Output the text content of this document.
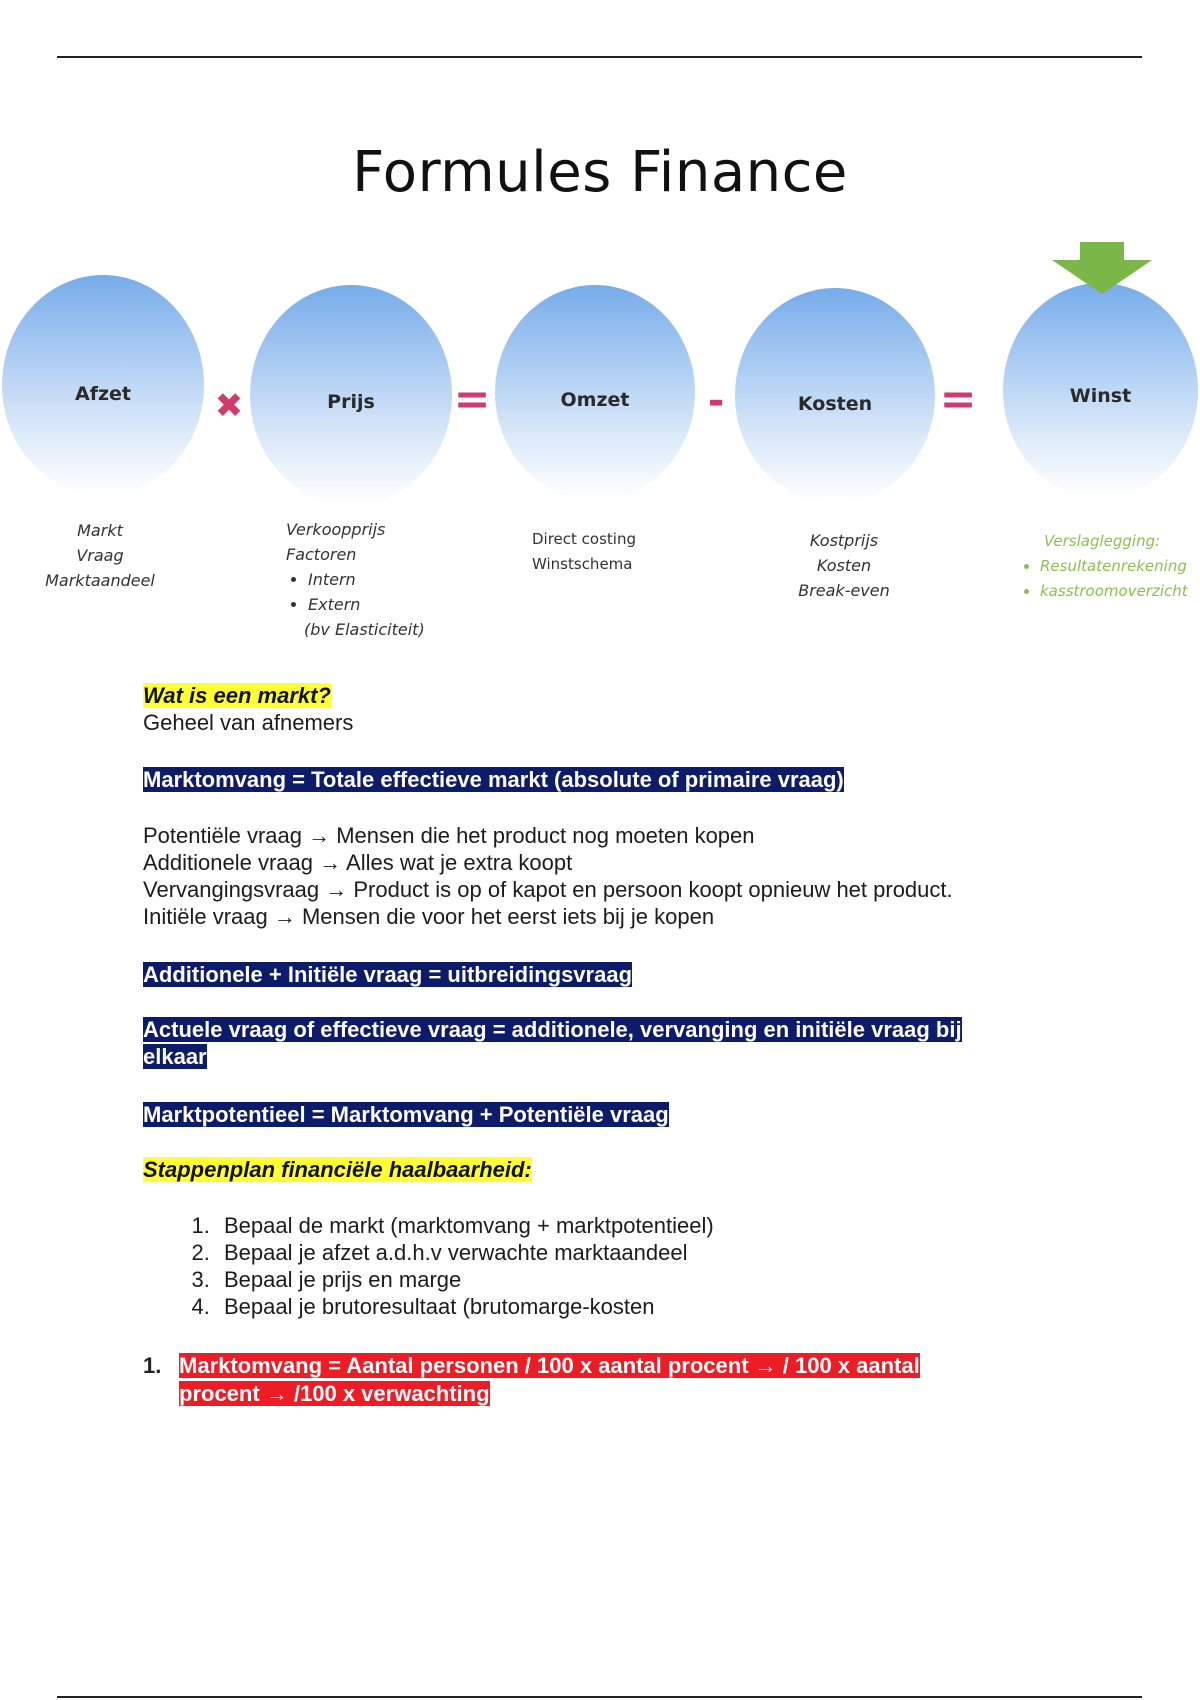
Formules Finance
Afzet	✖	Prijs	=	Omzet	-	Kosten	=	Winst
Markt
Vraag
Marktaandeel
Verkoopprijs
Factoren
• Intern
• Extern
(bv Elasticiteit)
Direct costing
Winstschema
Kostprijs
Kosten
Break-even
Verslaglegging:
• Resultatenrekening
• kasstroomoverzicht
Wat is een markt?
Geheel van afnemers
Marktomvang = Totale effectieve markt (absolute of primaire vraag)
Potentiële vraag → Mensen die het product nog moeten kopen
Additionele vraag → Alles wat je extra koopt
Vervangingsvraag → Product is op of kapot en persoon koopt opnieuw het product.
Initiële vraag → Mensen die voor het eerst iets bij je kopen
Additionele + Initiële vraag = uitbreidingsvraag
Actuele vraag of effectieve vraag = additionele, vervanging en initiële vraag bij
elkaar
Marktpotentieel = Marktomvang + Potentiële vraag
Stappenplan financiële haalbaarheid:
1. Bepaal de markt (marktomvang + marktpotentieel)
2. Bepaal je afzet a.d.h.v verwachte marktaandeel
3. Bepaal je prijs en marge
4. Bepaal je brutoresultaat (brutomarge-kosten
1. Marktomvang = Aantal personen / 100 x aantal procent → / 100 x aantal
procent → /100 x verwachting
